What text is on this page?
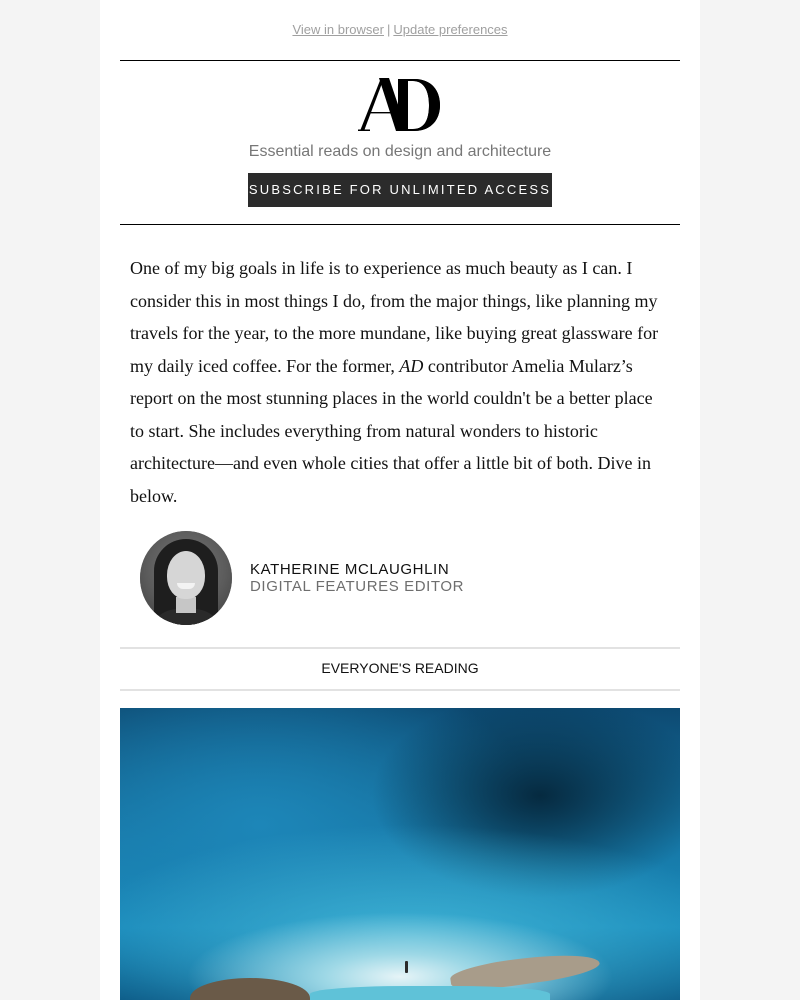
View in browser | Update preferences
Essential reads on design and architecture
SUBSCRIBE FOR UNLIMITED ACCESS

One of my big goals in life is to experience as much beauty as I can. I consider this in most things I do, from the major things, like planning my travels for the year, to the more mundane, like buying great glassware for my daily iced coffee. For the former, AD contributor Amelia Mularz’s report on the most stunning places in the world couldn't be a better place to start. She includes everything from natural wonders to historic architecture—and even whole cities that offer a little bit of both. Dive in below.

KATHERINE MCLAUGHLIN
DIGITAL FEATURES EDITOR
EVERYONE'S READING
